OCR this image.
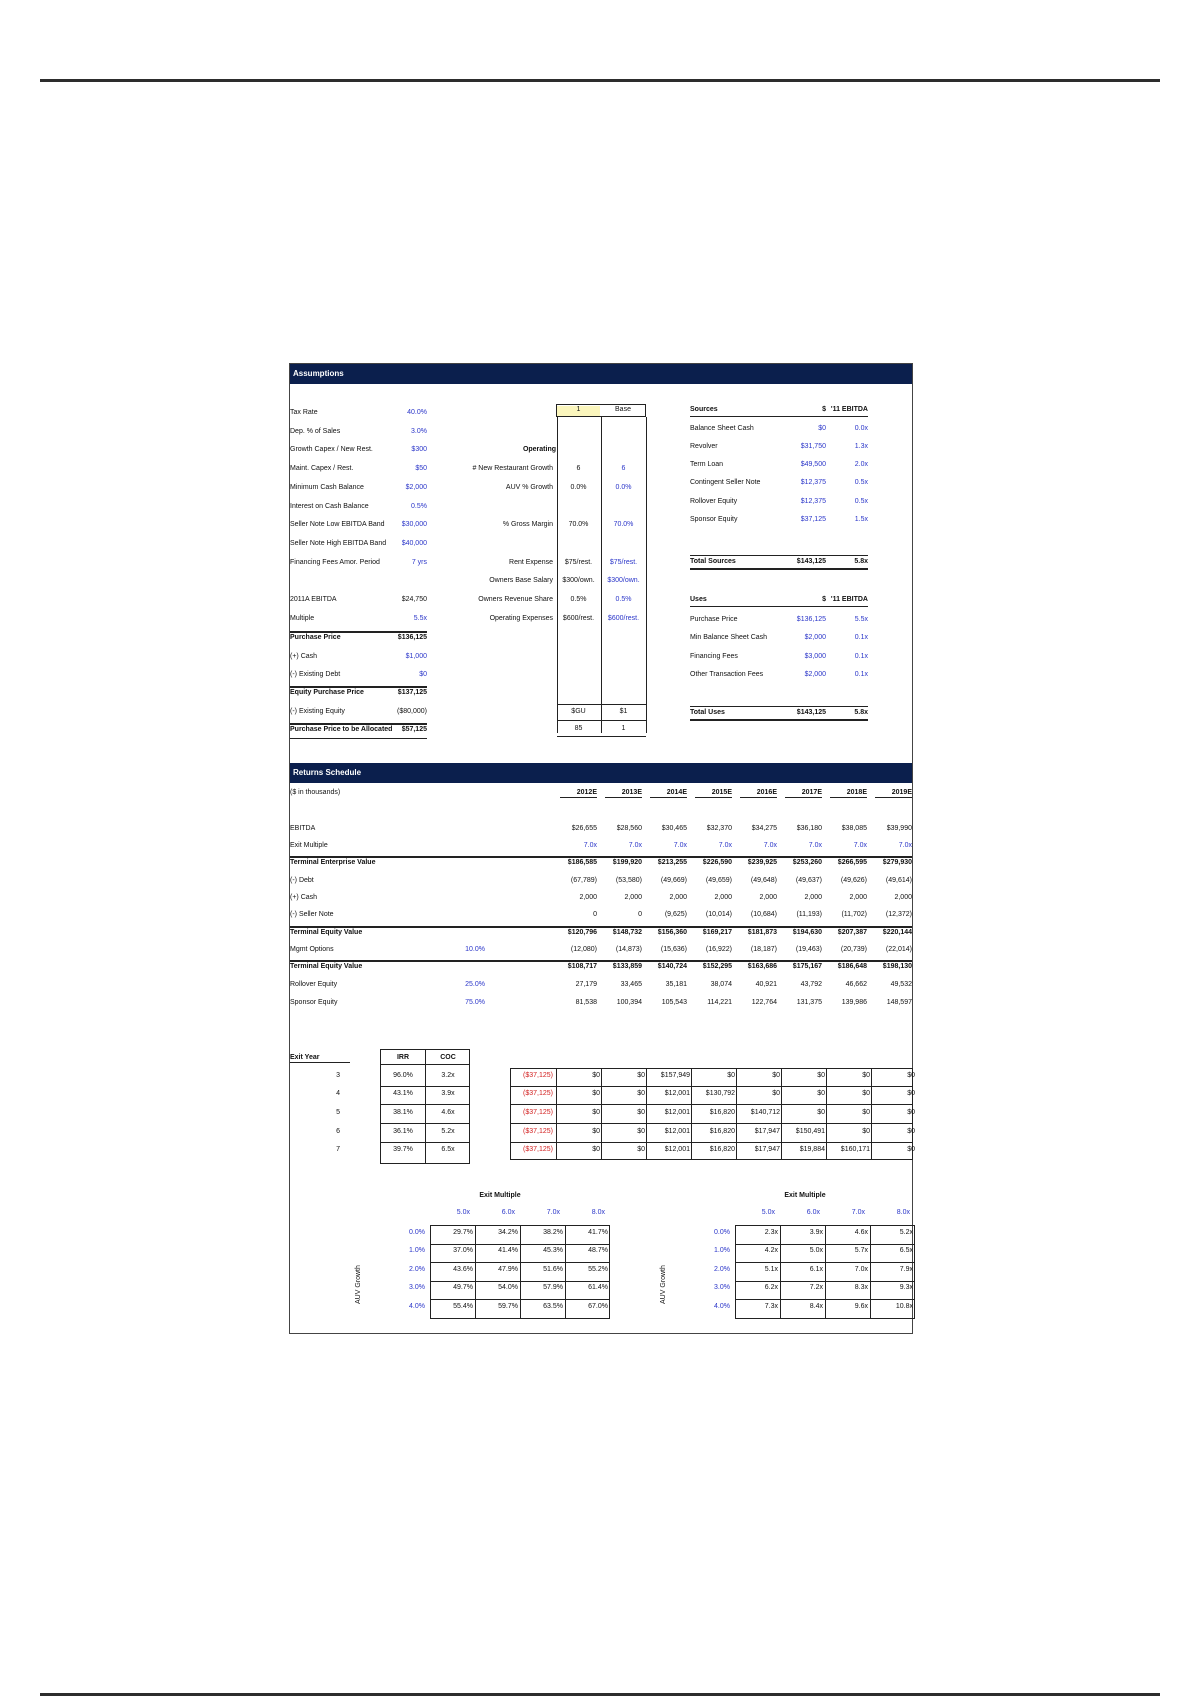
Assumptions
Tax Rate	40.0%
Dep. % of Sales	3.0%
Growth Capex / New Rest.	$300
Maint. Capex / Rest.	$50
Minimum Cash Balance	$2,000
Interest on Cash Balance	0.5%
Seller Note Low EBITDA Band	$30,000
Seller Note High EBITDA Band	$40,000
Financing Fees Amor. Period	7 yrs
2011A EBITDA	$24,750
Multiple	5.5x
Purchase Price	$136,125
(+) Cash	$1,000
(-) Existing Debt	$0
Equity Purchase Price	$137,125
(-) Existing Equity	($80,000)
Purchase Price to be Allocated	$57,125
1	Base
Operating
# New Restaurant Growth	6	6
AUV % Growth	0.0%	0.0%
% Gross Margin	70.0%	70.0%
Rent Expense	$75/rest.	$75/rest.
Owners Base Salary	$300/own.	$300/own.
Owners Revenue Share	0.5%	0.5%
Operating Expenses	$600/rest.	$600/rest.
$GU	$1
85	1
Sources	$ '11 EBITDA
Balance Sheet Cash	$0	0.0x
Revolver	$31,750	1.3x
Term Loan	$49,500	2.0x
Contingent Seller Note	$12,375	0.5x
Rollover Equity	$12,375	0.5x
Sponsor Equity	$37,125	1.5x
Total Sources	$143,125	5.8x
Uses	$ '11 EBITDA
Purchase Price	$136,125	5.5x
Min Balance Sheet Cash	$2,000	0.1x
Financing Fees	$3,000	0.1x
Other Transaction Fees	$2,000	0.1x
Total Uses	$143,125	5.8x
Returns Schedule
($ in thousands)	2012E	2013E	2014E	2015E	2016E	2017E	2018E	2019E
EBITDA	$26,655	$28,560	$30,465	$32,370	$34,275	$36,180	$38,085	$39,990
Exit Multiple	7.0x	7.0x	7.0x	7.0x	7.0x	7.0x	7.0x	7.0x
Terminal Enterprise Value	$186,585	$199,920	$213,255	$226,590	$239,925	$253,260	$266,595	$279,930
(-) Debt	(67,789)	(53,580)	(49,669)	(49,659)	(49,648)	(49,637)	(49,626)	(49,614)
(+) Cash	2,000	2,000	2,000	2,000	2,000	2,000	2,000	2,000
(-) Seller Note	0	0	(9,625)	(10,014)	(10,684)	(11,193)	(11,702)	(12,372)
Terminal Equity Value	$120,796	$148,732	$156,360	$169,217	$181,873	$194,630	$207,387	$220,144
Mgmt Options	10.0%	(12,080)	(14,873)	(15,636)	(16,922)	(18,187)	(19,463)	(20,739)	(22,014)
Terminal Equity Value	$108,717	$133,859	$140,724	$152,295	$163,686	$175,167	$186,648	$198,130
Rollover Equity	25.0%	27,179	33,465	35,181	38,074	40,921	43,792	46,662	49,532
Sponsor Equity	75.0%	81,538	100,394	105,543	114,221	122,764	131,375	139,986	148,597
Exit Year	IRR	COC
3	96.0%	3.2x	($37,125)	$0	$0	$157,949	$0	$0	$0	$0	$0
4	43.1%	3.9x	($37,125)	$0	$0	$12,001	$130,792	$0	$0	$0	$0
5	38.1%	4.6x	($37,125)	$0	$0	$12,001	$16,820	$140,712	$0	$0	$0
6	36.1%	5.2x	($37,125)	$0	$0	$12,001	$16,820	$17,947	$150,491	$0	$0
7	39.7%	6.5x	($37,125)	$0	$0	$12,001	$16,820	$17,947	$19,884	$160,171	$0
Exit Multiple
5.0x	6.0x	7.0x	8.0x
0.0%	29.7%	34.2%	38.2%	41.7%
1.0%	37.0%	41.4%	45.3%	48.7%
2.0%	43.6%	47.9%	51.6%	55.2%
3.0%	49.7%	54.0%	57.9%	61.4%
4.0%	55.4%	59.7%	63.5%	67.0%
AUV Growth
Exit Multiple
5.0x	6.0x	7.0x	8.0x
0.0%	2.3x	3.9x	4.6x	5.2x
1.0%	4.2x	5.0x	5.7x	6.5x
2.0%	5.1x	6.1x	7.0x	7.9x
3.0%	6.2x	7.2x	8.3x	9.3x
4.0%	7.3x	8.4x	9.6x	10.8x
AUV Growth
